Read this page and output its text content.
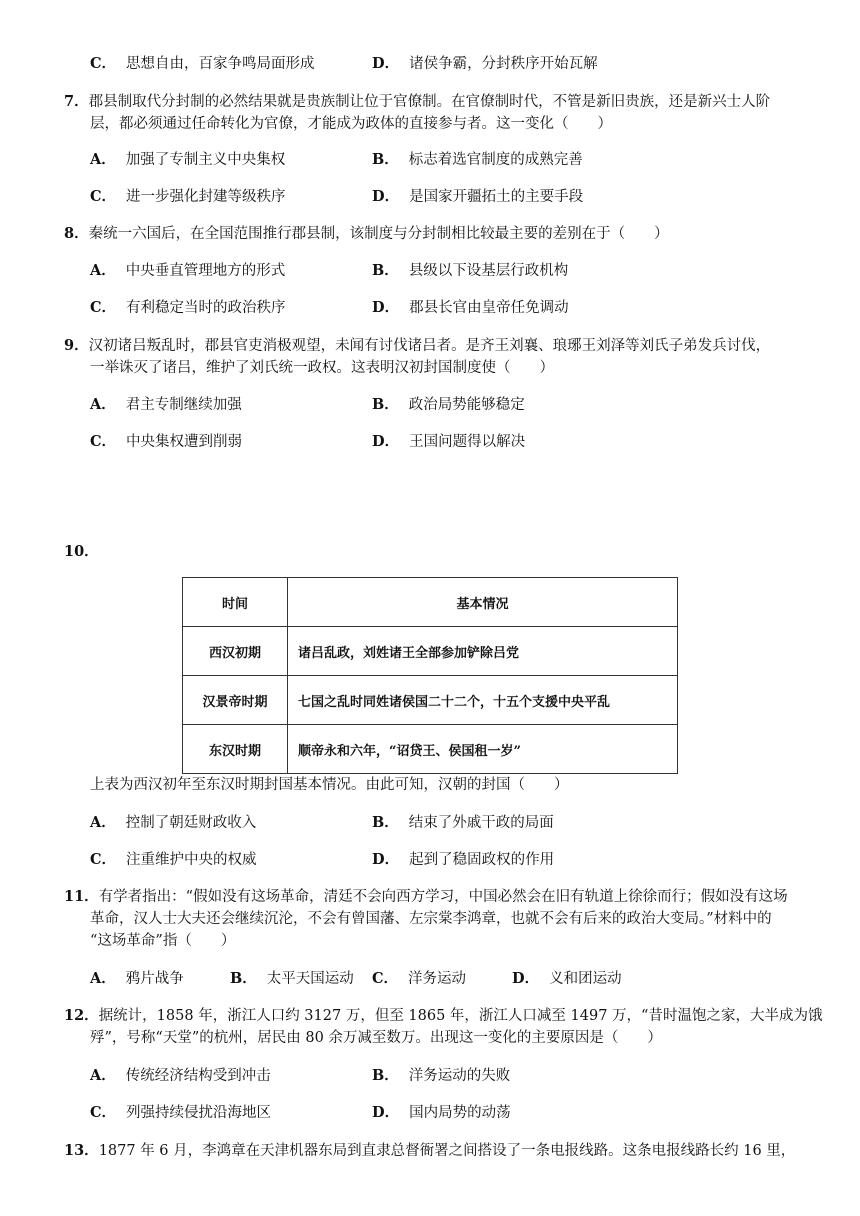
C． 思想自由，百家争鸣局面形成	D． 诸侯争霸，分封秩序开始瓦解
7．郡县制取代分封制的必然结果就是贵族制让位于官僚制。在官僚制时代，不管是新旧贵族，还是新兴士人阶
层，都必须通过任命转化为官僚，才能成为政体的直接参与者。这一变化（　　）
A． 加强了专制主义中央集权	B． 标志着选官制度的成熟完善
C． 进一步强化封建等级秩序	D． 是国家开疆拓土的主要手段
8．秦统一六国后，在全国范围推行郡县制，该制度与分封制相比较最主要的差别在于（　　）
A． 中央垂直管理地方的形式	B． 县级以下设基层行政机构
C． 有利稳定当时的政治秩序	D． 郡县长官由皇帝任免调动
9．汉初诸吕叛乱时，郡县官吏消极观望，未闻有讨伐诸吕者。是齐王刘襄、琅琊王刘泽等刘氏子弟发兵讨伐，
一举诛灭了诸吕，维护了刘氏统一政权。这表明汉初封国制度使（　　）
A． 君主专制继续加强	B． 政治局势能够稳定
C． 中央集权遭到削弱	D． 王国问题得以解决
10．
时间	基本情况
西汉初期	诸吕乱政，刘姓诸王全部参加铲除吕党
汉景帝时期	七国之乱时同姓诸侯国二十二个，十五个支援中央平乱
东汉时期	顺帝永和六年，“诏贷王、侯国租一岁”
上表为西汉初年至东汉时期封国基本情况。由此可知，汉朝的封国（　　）
A． 控制了朝廷财政收入	B． 结束了外戚干政的局面
C． 注重维护中央的权威	D． 起到了稳固政权的作用
11．有学者指出：“假如没有这场革命，清廷不会向西方学习，中国必然会在旧有轨道上徐徐而行；假如没有这场
革命，汉人士大夫还会继续沉沦，不会有曾国藩、左宗棠李鸿章，也就不会有后来的政治大变局。”材料中的
“这场革命”指（　　）
A． 鸦片战争	B． 太平天国运动 C． 洋务运动	D． 义和团运动
12．据统计，1858 年，浙江人口约 3127 万，但至 1865 年，浙江人口减至 1497 万，“昔时温饱之家，大半成为饿
殍”，号称“天堂”的杭州，居民由 80 余万减至数万。出现这一变化的主要原因是（　　）
A． 传统经济结构受到冲击	B． 洋务运动的失败
C． 列强持续侵扰沿海地区	D． 国内局势的动荡
13．1877 年 6 月，李鸿章在天津机器东局到直隶总督衙署之间搭设了一条电报线路。这条电报线路长约 16 里，
